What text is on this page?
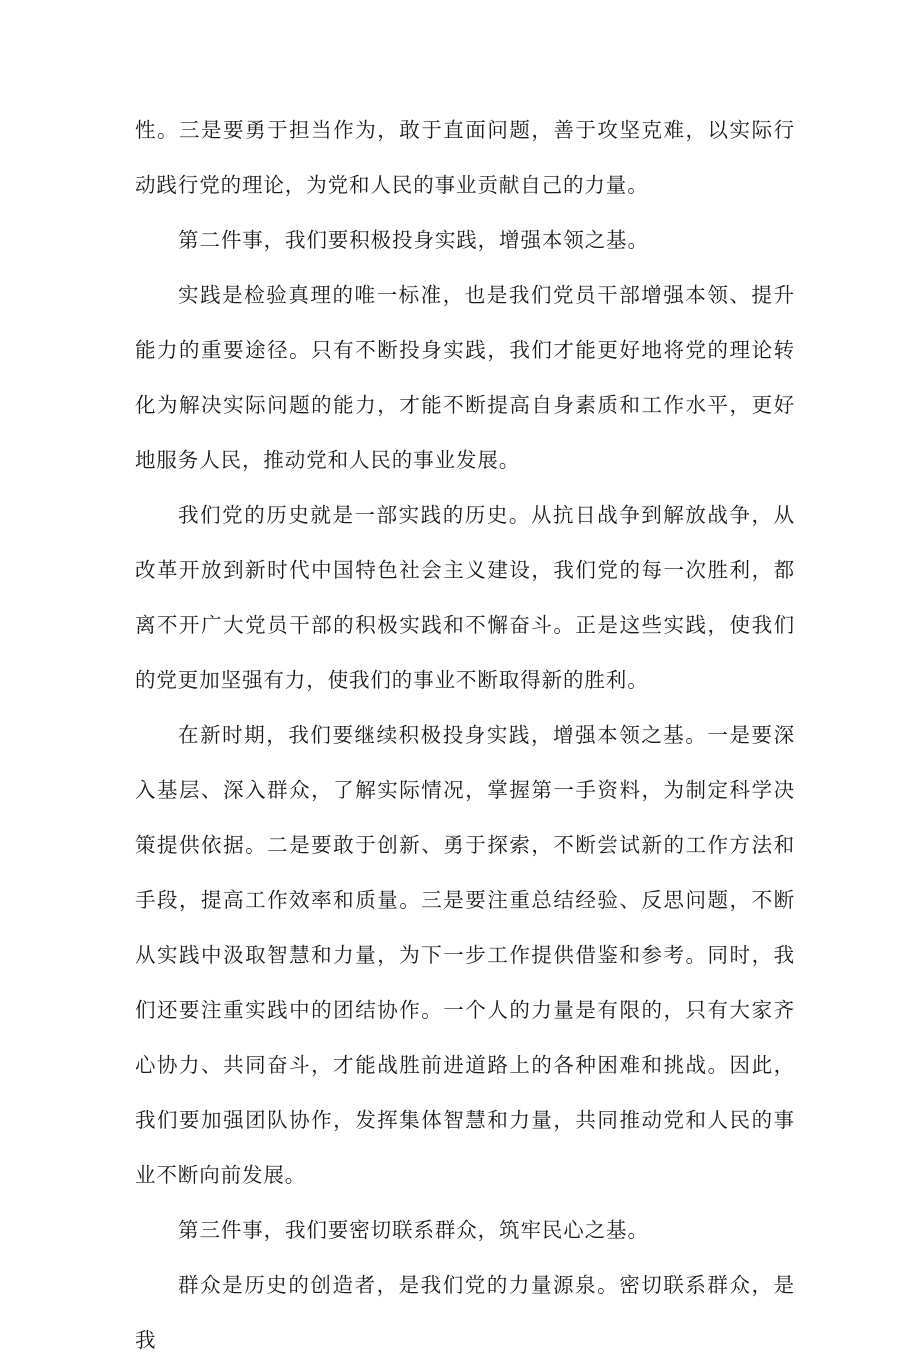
性。三是要勇于担当作为，敢于直面问题，善于攻坚克难，以实际行动践行党的理论，为党和人民的事业贡献自己的力量。

第二件事，我们要积极投身实践，增强本领之基。

实践是检验真理的唯一标准，也是我们党员干部增强本领、提升能力的重要途径。只有不断投身实践，我们才能更好地将党的理论转化为解决实际问题的能力，才能不断提高自身素质和工作水平，更好地服务人民，推动党和人民的事业发展。

我们党的历史就是一部实践的历史。从抗日战争到解放战争，从改革开放到新时代中国特色社会主义建设，我们党的每一次胜利，都离不开广大党员干部的积极实践和不懈奋斗。正是这些实践，使我们的党更加坚强有力，使我们的事业不断取得新的胜利。

在新时期，我们要继续积极投身实践，增强本领之基。一是要深入基层、深入群众，了解实际情况，掌握第一手资料，为制定科学决策提供依据。二是要敢于创新、勇于探索，不断尝试新的工作方法和手段，提高工作效率和质量。三是要注重总结经验、反思问题，不断从实践中汲取智慧和力量，为下一步工作提供借鉴和参考。同时，我们还要注重实践中的团结协作。一个人的力量是有限的，只有大家齐心协力、共同奋斗，才能战胜前进道路上的各种困难和挑战。因此，我们要加强团队协作，发挥集体智慧和力量，共同推动党和人民的事业不断向前发展。

第三件事，我们要密切联系群众，筑牢民心之基。

群众是历史的创造者，是我们党的力量源泉。密切联系群众，是我
